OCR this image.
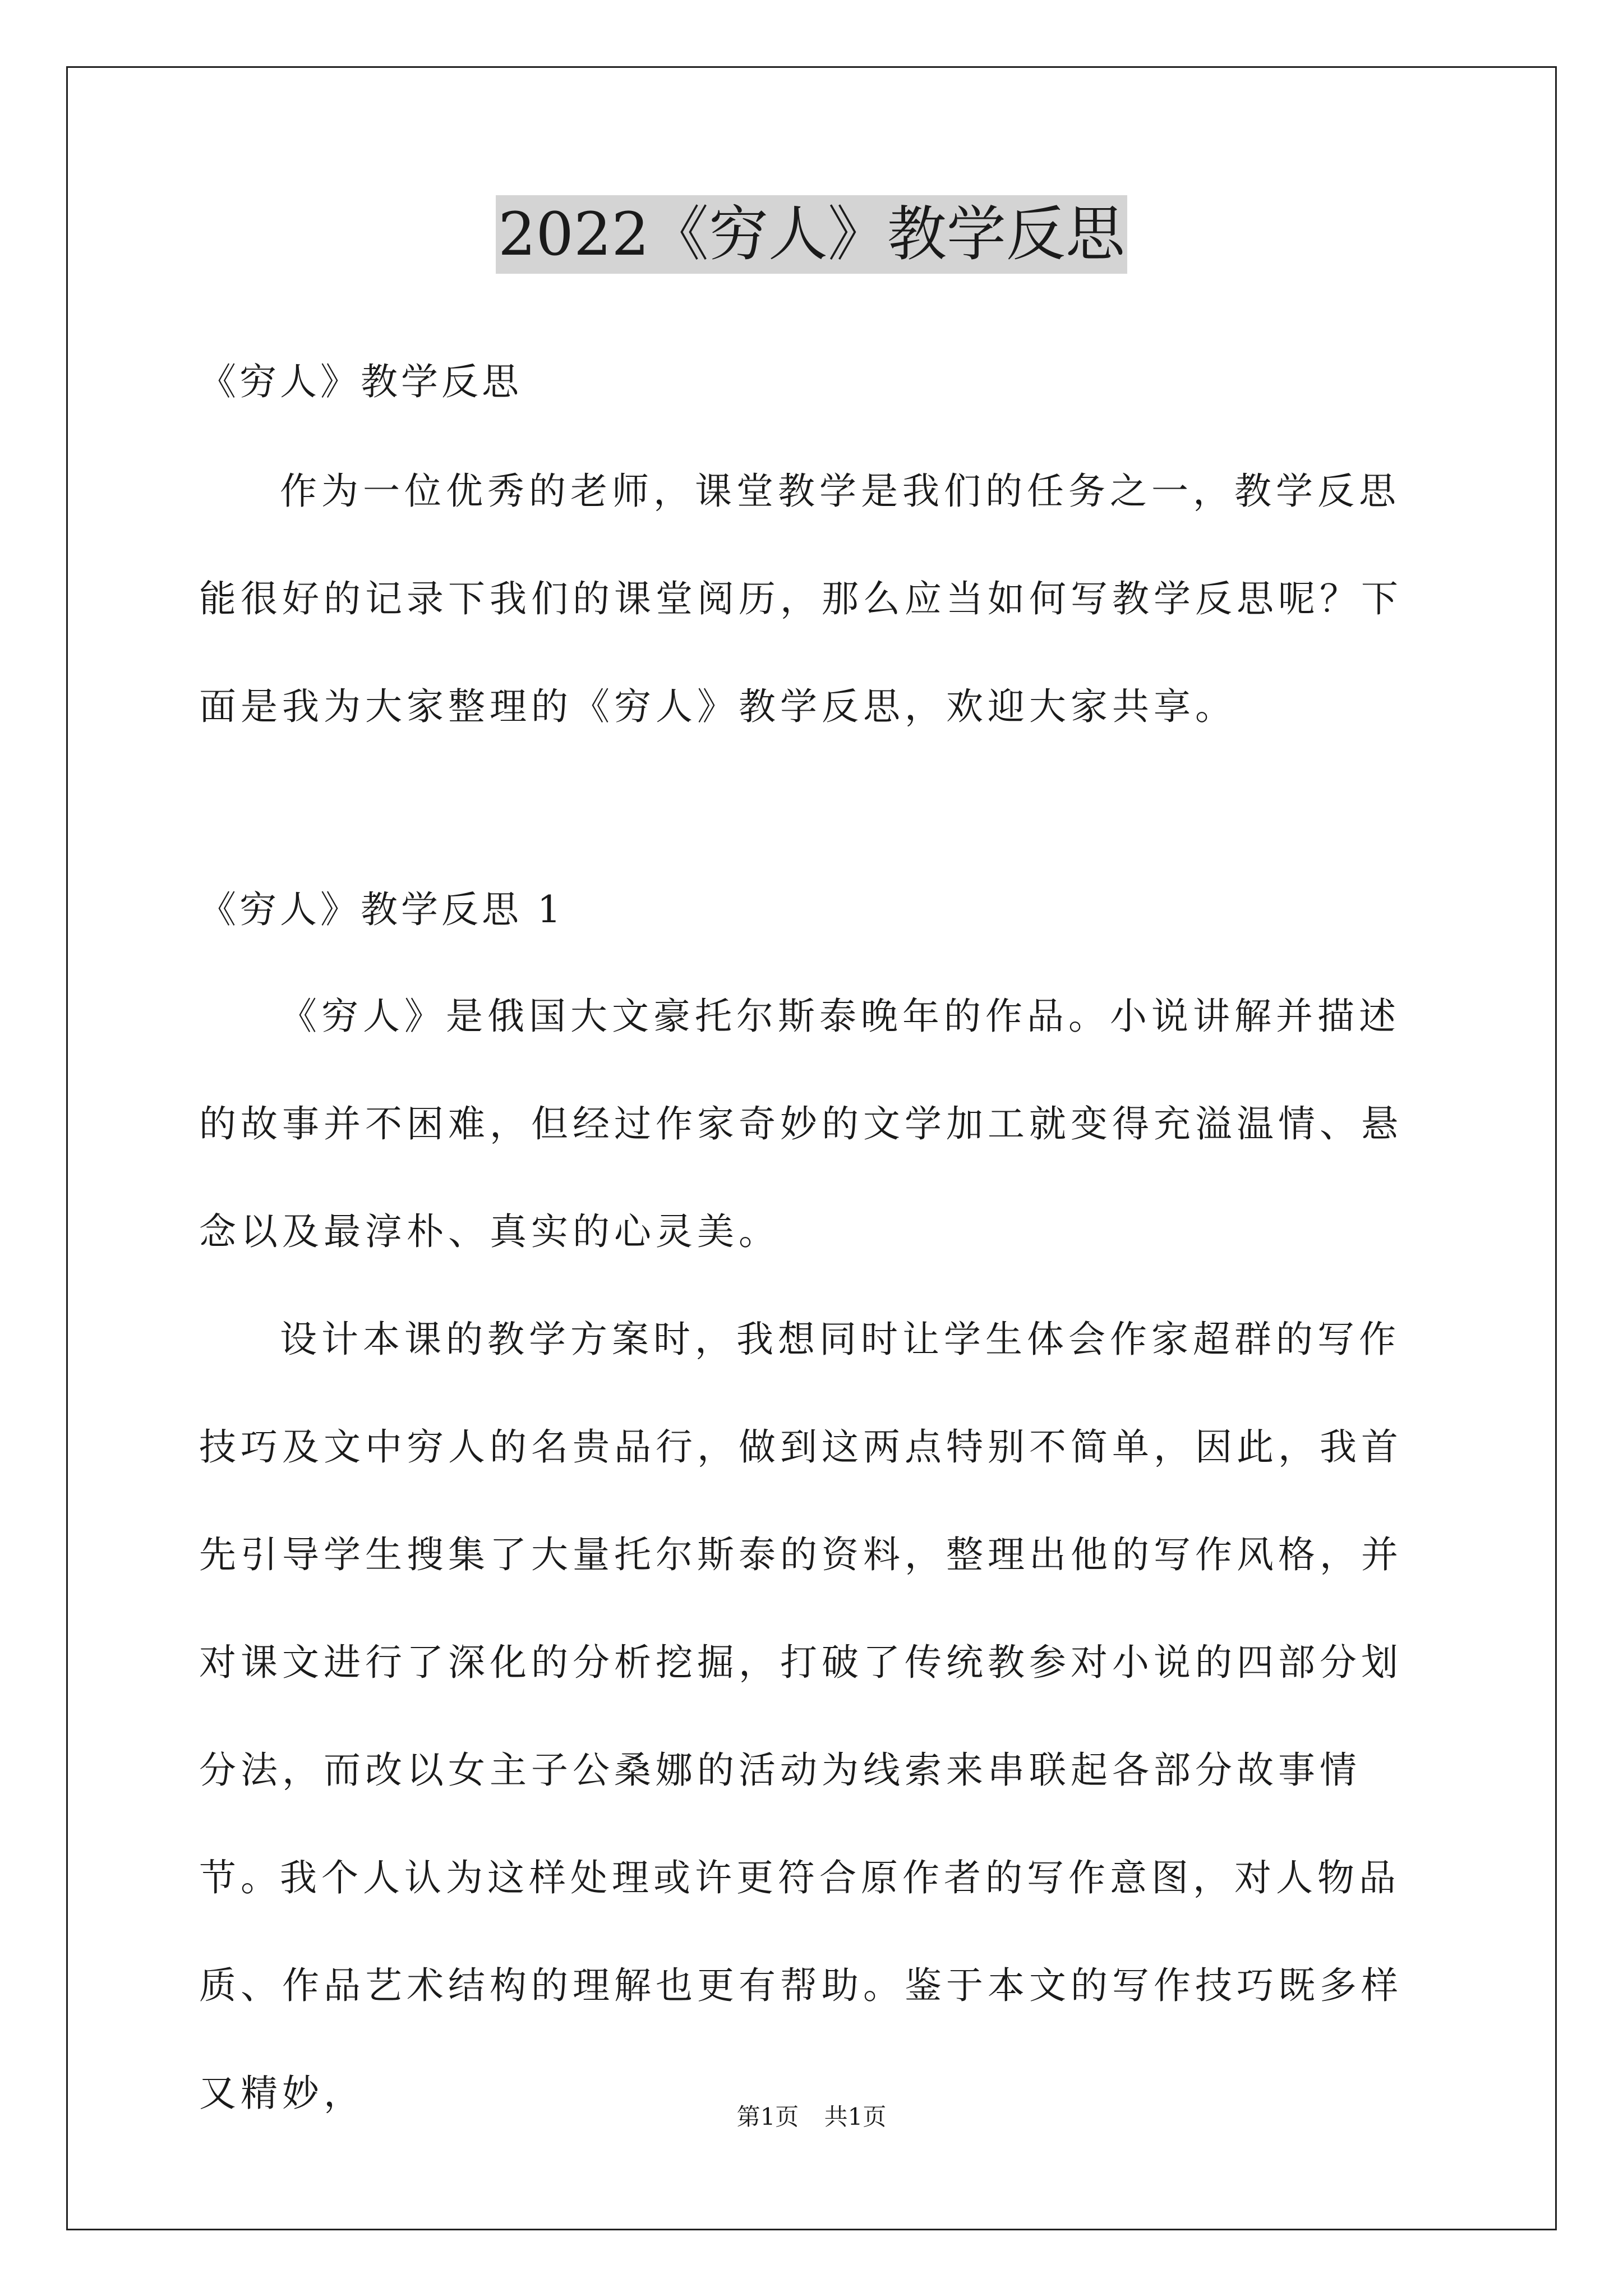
2022《穷人》教学反思

《穷人》教学反思

作为一位优秀的老师，课堂教学是我们的任务之一，教学反思能很好的记录下我们的课堂阅历，那么应当如何写教学反思呢？下面是我为大家整理的《穷人》教学反思，欢迎大家共享。

《穷人》教学反思 1

《穷人》是俄国大文豪托尔斯泰晚年的作品。小说讲解并描述的故事并不困难，但经过作家奇妙的文学加工就变得充溢温情、悬念以及最淳朴、真实的心灵美。

设计本课的教学方案时，我想同时让学生体会作家超群的写作技巧及文中穷人的名贵品行，做到这两点特别不简单，因此，我首先引导学生搜集了大量托尔斯泰的资料，整理出他的写作风格，并对课文进行了深化的分析挖掘，打破了传统教参对小说的四部分划分法，而改以女主子公桑娜的活动为线索来串联起各部分故事情节。

我个人认为这样处理或许更符合原作者的写作意图，对人物品质、作品艺术结构的理解也更有帮助。鉴于本文的写作技巧既多样又精妙，

第1页 共1页
